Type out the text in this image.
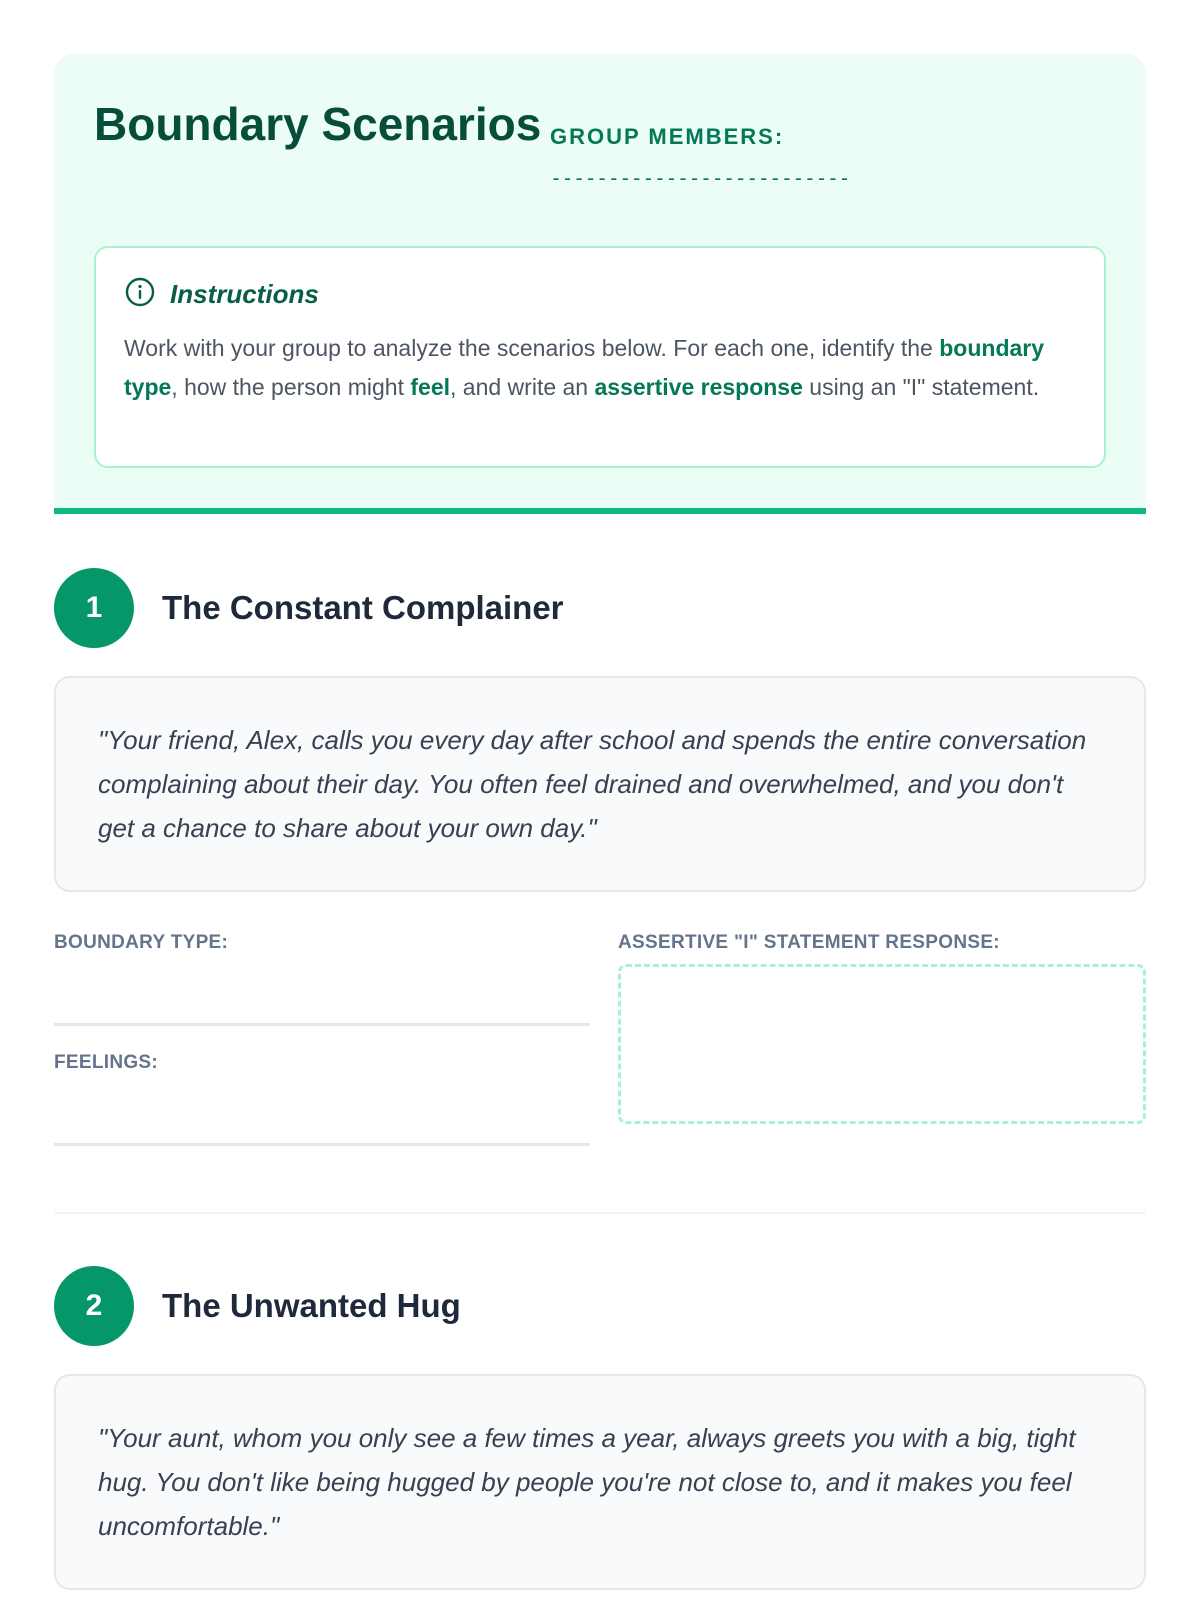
Boundary Scenarios GROUP MEMBERS:
--------------------------
Instructions

Work with your group to analyze the scenarios below. For each one, identify the boundary type, how the person might feel, and write an assertive response using an "I" statement.

1	The Constant Complainer
"Your friend, Alex, calls you every day after school and spends the entire conversation complaining about their day. You often feel drained and overwhelmed, and you don't get a chance to share about your own day."
BOUNDARY TYPE:
FEELINGS:
ASSERTIVE "I" STATEMENT RESPONSE:
2	The Unwanted Hug
"Your aunt, whom you only see a few times a year, always greets you with a big, tight hug. You don't like being hugged by people you're not close to, and it makes you feel uncomfortable."
